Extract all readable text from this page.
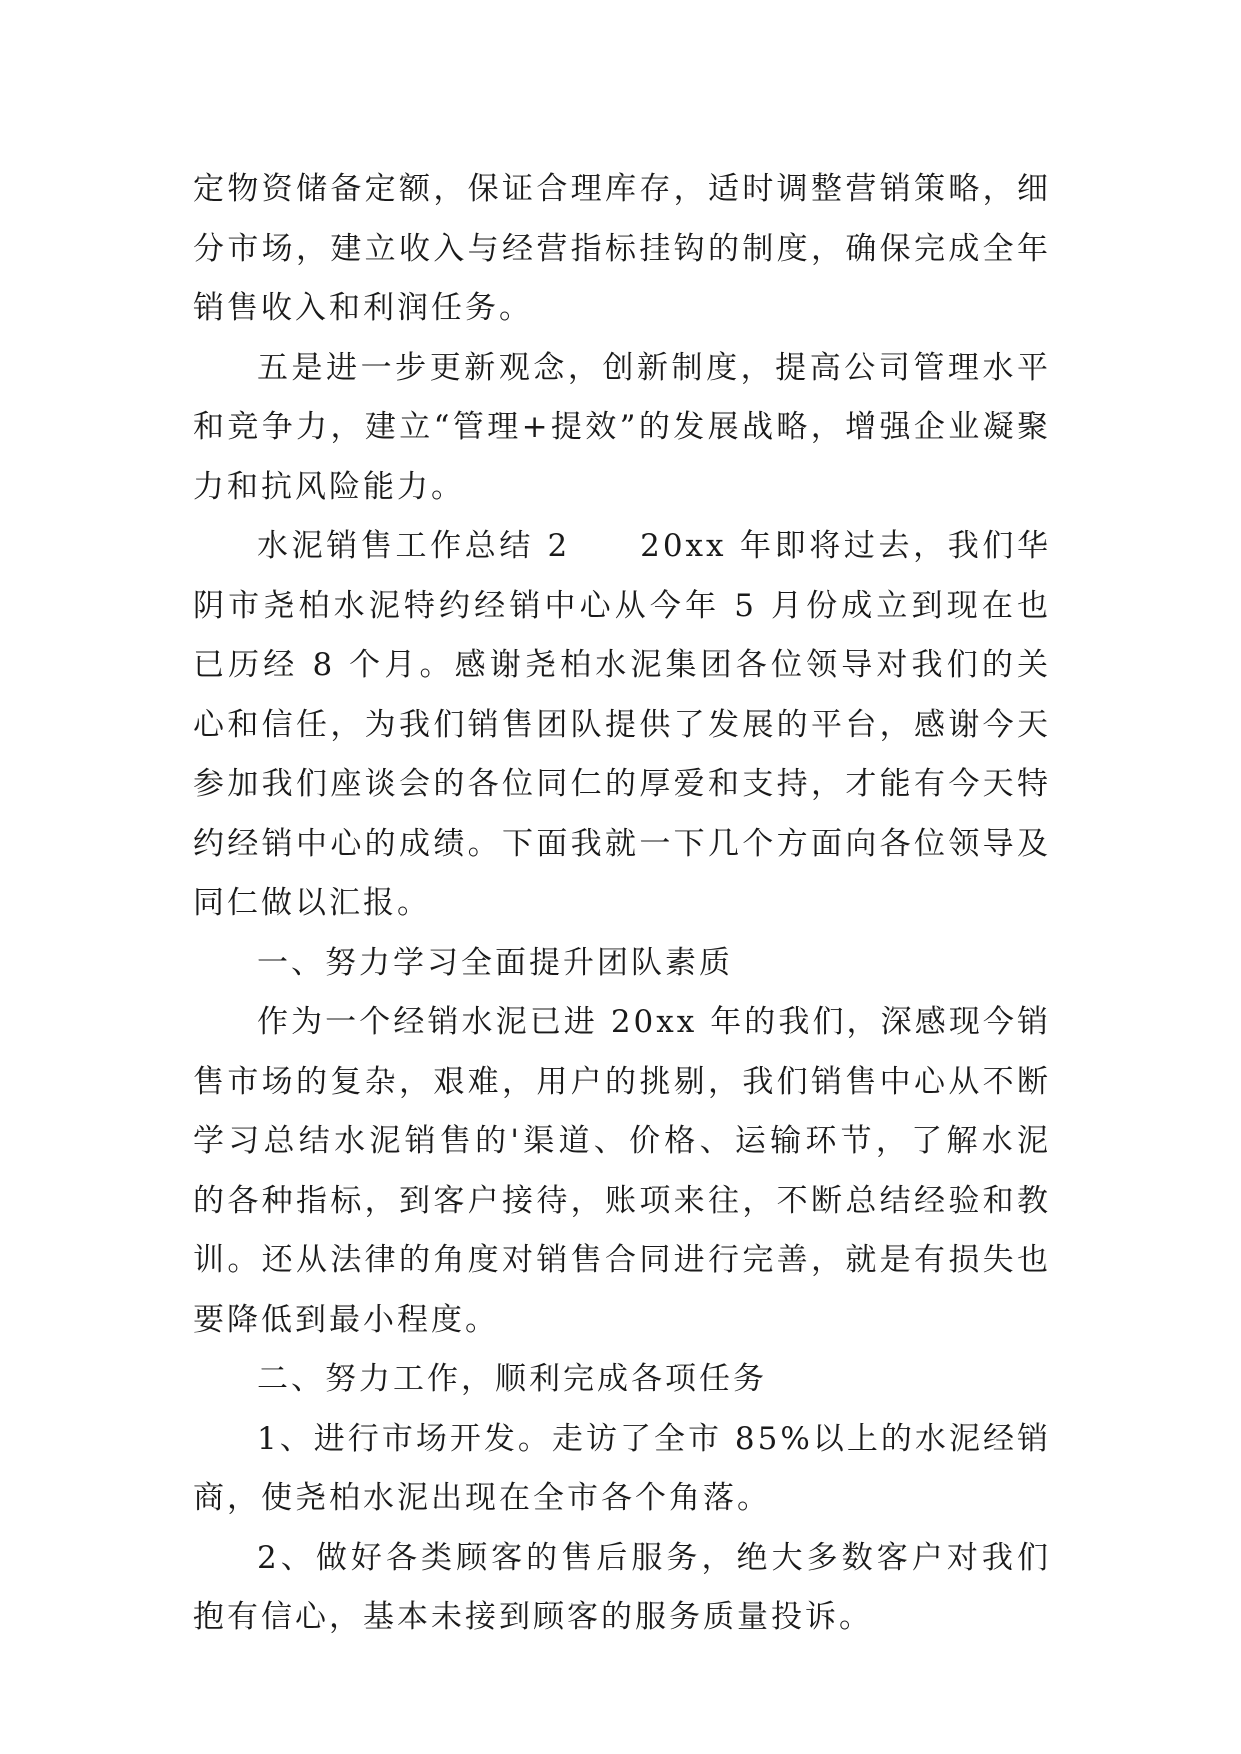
定物资储备定额，保证合理库存，适时调整营销策略，细分市场，建立收入与经营指标挂钩的制度，确保完成全年销售收入和利润任务。

五是进一步更新观念，创新制度，提高公司管理水平和竞争力，建立“管理+提效”的发展战略，增强企业凝聚力和抗风险能力。

水泥销售工作总结 2　　20xx 年即将过去，我们华阴市尧柏水泥特约经销中心从今年 5 月份成立到现在也已历经 8 个月。感谢尧柏水泥集团各位领导对我们的关心和信任，为我们销售团队提供了发展的平台，感谢今天参加我们座谈会的各位同仁的厚爱和支持，才能有今天特约经销中心的成绩。下面我就一下几个方面向各位领导及同仁做以汇报。

一、努力学习全面提升团队素质

作为一个经销水泥已进 20xx 年的我们，深感现今销售市场的复杂，艰难，用户的挑剔，我们销售中心从不断学习总结水泥销售的'渠道、价格、运输环节，了解水泥的各种指标，到客户接待，账项来往，不断总结经验和教训。还从法律的角度对销售合同进行完善，就是有损失也要降低到最小程度。

二、努力工作，顺利完成各项任务

1、进行市场开发。走访了全市 85%以上的水泥经销商，使尧柏水泥出现在全市各个角落。

2、做好各类顾客的售后服务，绝大多数客户对我们抱有信心，基本未接到顾客的服务质量投诉。
